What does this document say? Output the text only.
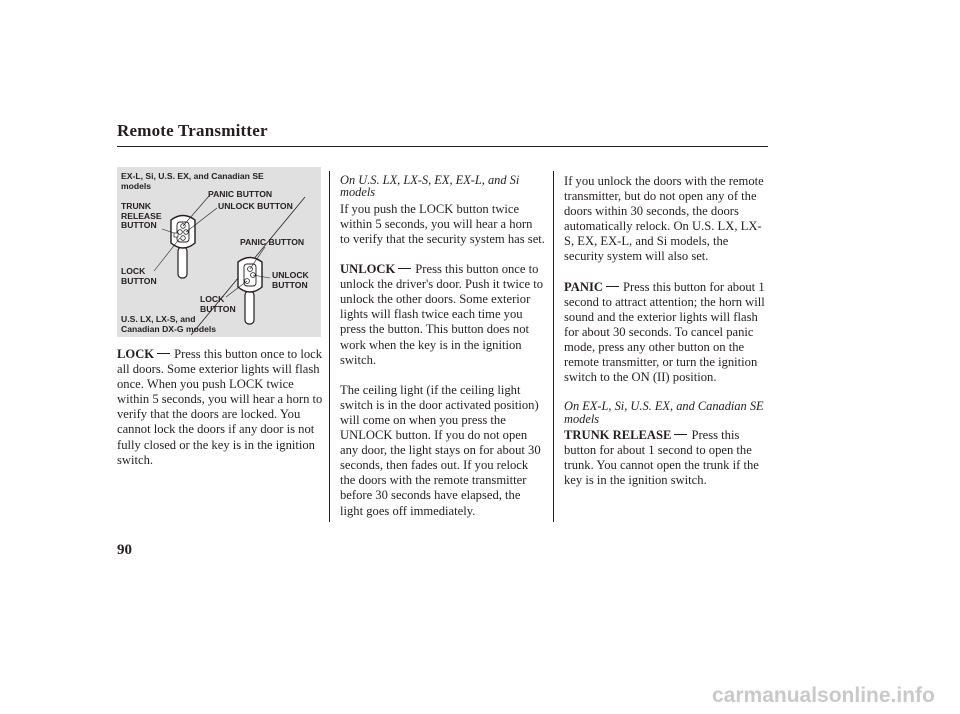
Remote Transmitter
EX-L, Si, U.S. EX, and Canadian SE
models
PANIC BUTTON
UNLOCK BUTTON
TRUNK
RELEASE
BUTTON
PANIC BUTTON
LOCK
BUTTON
UNLOCK
BUTTON
LOCK
BUTTON
U.S. LX, LX-S, and
Canadian DX-G models

LOCK Press this button once to lock all doors. Some exterior lights will flash once. When you push LOCK twice within 5 seconds, you will hear a horn to verify that the doors are locked. You cannot lock the doors if any door is not fully closed or the key is in the ignition switch.

On U.S. LX, LX-S, EX, EX-L, and Si models

If you push the LOCK button twice within 5 seconds, you will hear a horn to verify that the security system has set.

UNLOCK Press this button once to unlock the driver's door. Push it twice to unlock the other doors. Some exterior lights will flash twice each time you press the button. This button does not work when the key is in the ignition switch.

The ceiling light (if the ceiling light switch is in the door activated position) will come on when you press the UNLOCK button. If you do not open any door, the light stays on for about 30 seconds, then fades out. If you relock the doors with the remote transmitter before 30 seconds have elapsed, the light goes off immediately.

If you unlock the doors with the remote transmitter, but do not open any of the doors within 30 seconds, the doors automatically relock. On U.S. LX, LX-S, EX, EX-L, and Si models, the security system will also set.

PANIC Press this button for about 1 second to attract attention; the horn will sound and the exterior lights will flash for about 30 seconds. To cancel panic mode, press any other button on the remote transmitter, or turn the ignition switch to the ON (II) position.

On EX-L, Si, U.S. EX, and Canadian SE models

TRUNK RELEASE Press this button for about 1 second to open the trunk. You cannot open the trunk if the key is in the ignition switch.

90
carmanualsonline.info
